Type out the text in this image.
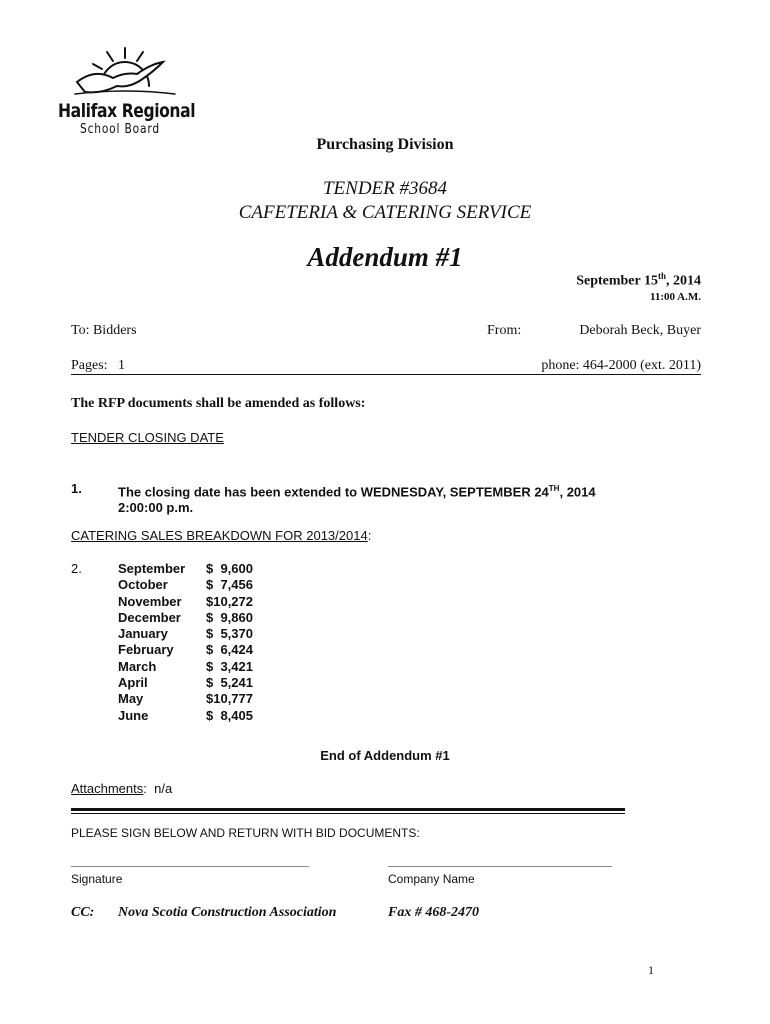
Halifax Regional
School Board
Purchasing Division
TENDER #3684
CAFETERIA & CATERING SERVICE
Addendum #1
September 15th, 2014
11:00 A.M.
To: Bidders	From:	Deborah Beck, Buyer
Pages:   1	phone: 464-2000 (ext. 2011)
The RFP documents shall be amended as follows:
TENDER CLOSING DATE
1.	The closing date has been extended to WEDNESDAY, SEPTEMBER 24TH, 2014
2:00:00 p.m.
CATERING SALES BREAKDOWN FOR 2013/2014:
2.	September	$  9,600
October	$  7,456
November	$10,272
December	$  9,860
January	$  5,370
February	$  6,424
March	$  3,421
April	$  5,241
May	$10,777
June	$  8,405
End of Addendum #1
Attachments:  n/a
PLEASE SIGN BELOW AND RETURN WITH BID DOCUMENTS:
Signature	Company Name
CC: Nova Scotia Construction Association	Fax # 468-2470
1
